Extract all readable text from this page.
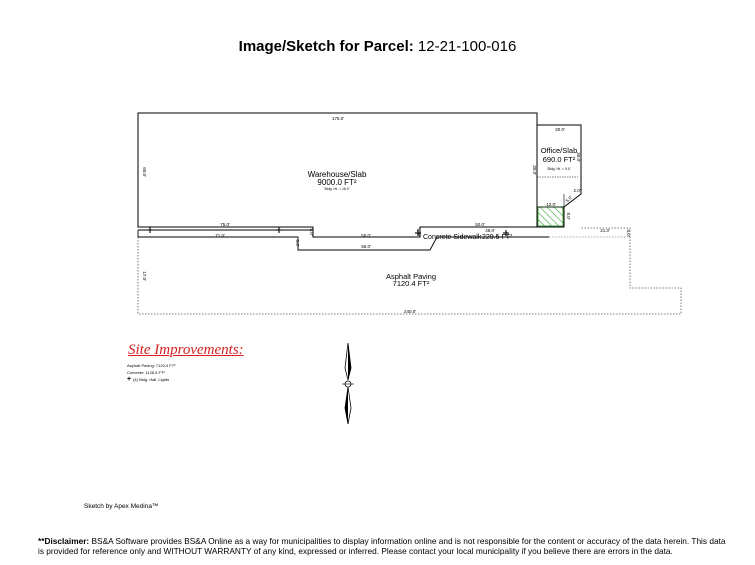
Image/Sketch for Parcel: 12-21-100-016
Warehouse/Slab
9000.0 FT²
Bldg. Ht. = 16.0'
Office/Slab
690.0 FT²
Bldg. Ht. = 9.0'
Asphalt Paving
7120.4 FT²
Concrete Sidewalk 229.5 FT²
175.0'
60.0'	30.0'
75.0'	50.0'
20.0'
30.0'
12.0'
8.0'
5.0'
2.0'
71.0'	50.0'
56.0'
5.0'
5.0'
5.0'	48.0'	21.0'
17.0'
240.0'
5.0'
Site Improvements:
Asphalt Paving: 7120.4 FT²
Concrete: 1126.5 FT²
+ (4) Bldg. Hall. Lights
Sketch by Apex Medina™
**Disclaimer: BS&A Software provides BS&A Online as a way for municipalities to display information online and is not responsible for the content or accuracy of the data herein. This data is provided for reference only and WITHOUT WARRANTY of any kind, expressed or inferred. Please contact your local municipality if you believe there are errors in the data.
